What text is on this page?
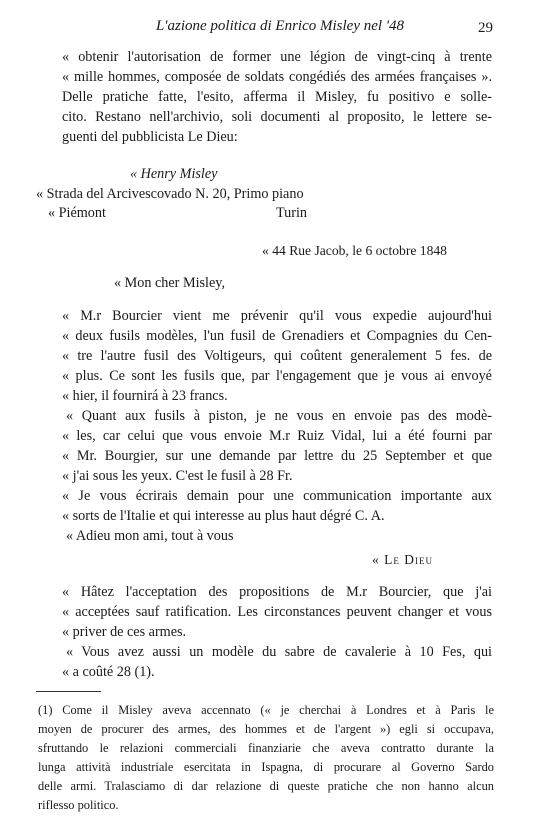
L'azione politica di Enrico Misley nel '48	29
« obtenir l'autorisation de former une légion de vingt-cinq à trente
« mille hommes, composée de soldats congédiés des armées françaises ».
Delle pratiche fatte, l'esito, afferma il Misley, fu positivo e solle-
cito. Restano nell'archivio, soli documenti al proposito, le lettere se-
guenti del pubblicista Le Dieu:
« Henry Misley
« Strada del Arcivescovado N. 20, Primo piano
« Piémont	Turin
« 44 Rue Jacob, le 6 octobre 1848
« Mon cher Misley,
« M.r Bourcier vient me prévenir qu'il vous expedie aujourd'hui
« deux fusils modèles, l'un fusil de Grenadiers et Compagnies du Cen-
« tre l'autre fusil des Voltigeurs, qui coûtent generalement 5 fes. de
« plus. Ce sont les fusils que, par l'engagement que je vous ai envoyé
« hier, il fournirá à 23 francs.
« Quant aux fusils à piston, je ne vous en envoie pas des modè-
« les, car celui que vous envoie M.r Ruiz Vidal, lui a été fourni par
« Mr. Bourgier, sur une demande par lettre du 25 September et que
« j'ai sous les yeux. C'est le fusil à 28 Fr.
« Je vous écrirais demain pour une communication importante aux
« sorts de l'Italie et qui interesse au plus haut dégré C. A.
« Adieu mon ami, tout à vous
« Le Dieu
« Hâtez l'acceptation des propositions de M.r Bourcier, que j'ai
« acceptées sauf ratification. Les circonstances peuvent changer et vous
« priver de ces armes.
« Vous avez aussi un modèle du sabre de cavalerie à 10 Fes, qui
« a coûté 28 (1).
(1) Come il Misley aveva accennato (« je cherchai à Londres et à Paris le
moyen de procurer des armes, des hommes et de l'argent ») egli si occupava,
sfruttando le relazioni commerciali finanziarie che aveva contratto durante la
lunga attività industriale esercitata in Ispagna, di procurare al Governo Sardo
delle armi. Tralasciamo di dar relazione di queste pratiche che non hanno alcun
riflesso politico.
